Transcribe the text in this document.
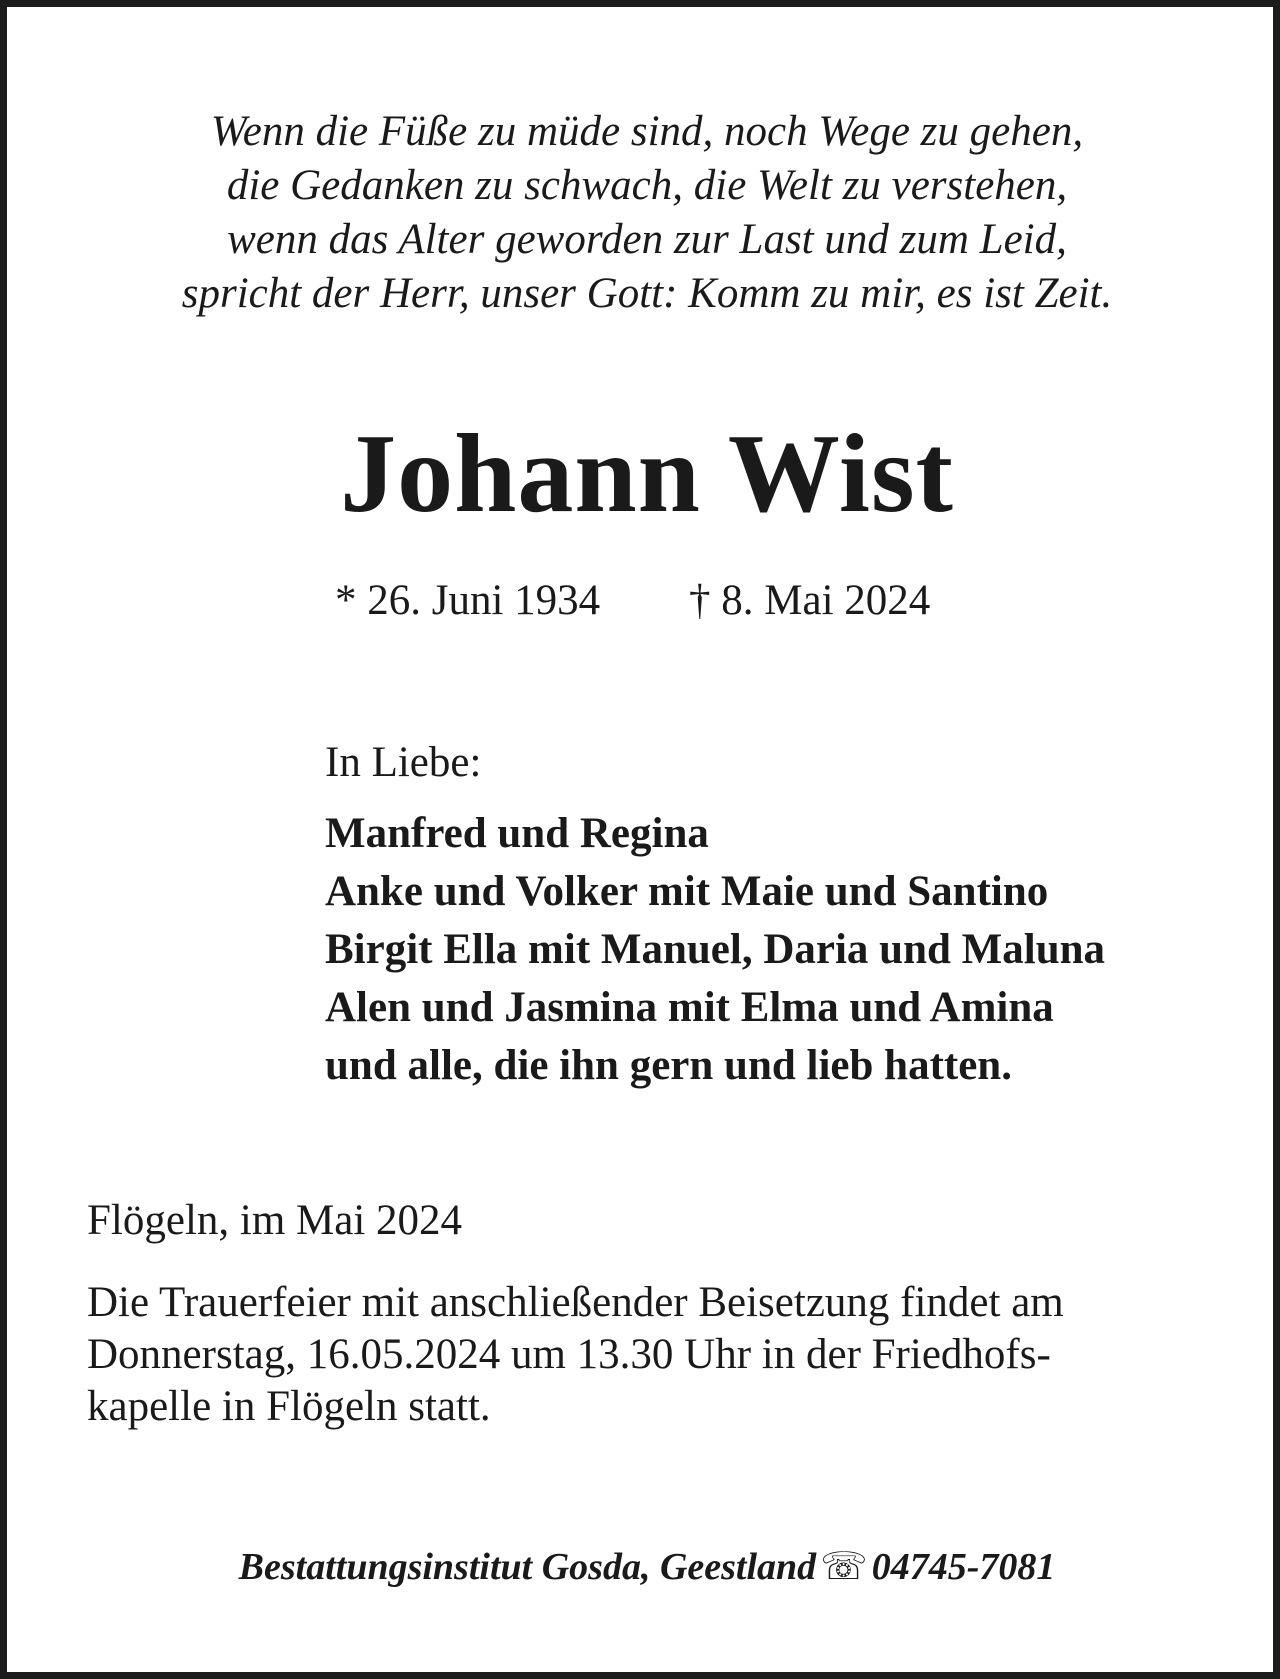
Wenn die Füße zu müde sind, noch Wege zu gehen,
die Gedanken zu schwach, die Welt zu verstehen,
wenn das Alter geworden zur Last und zum Leid,
spricht der Herr, unser Gott: Komm zu mir, es ist Zeit.
Johann Wist
* 26. Juni 1934 † 8. Mai 2024
In Liebe:
Manfred und Regina
Anke und Volker mit Maie und Santino
Birgit Ella mit Manuel, Daria und Maluna
Alen und Jasmina mit Elma und Amina
und alle, die ihn gern und lieb hatten.
Flögeln, im Mai 2024
Die Trauerfeier mit anschließender Beisetzung findet am
Donnerstag, 16.05.2024 um 13.30 Uhr in der Friedhofs-
kapelle in Flögeln statt.
Bestattungsinstitut Gosda, Geestland ☏ 04745-7081
